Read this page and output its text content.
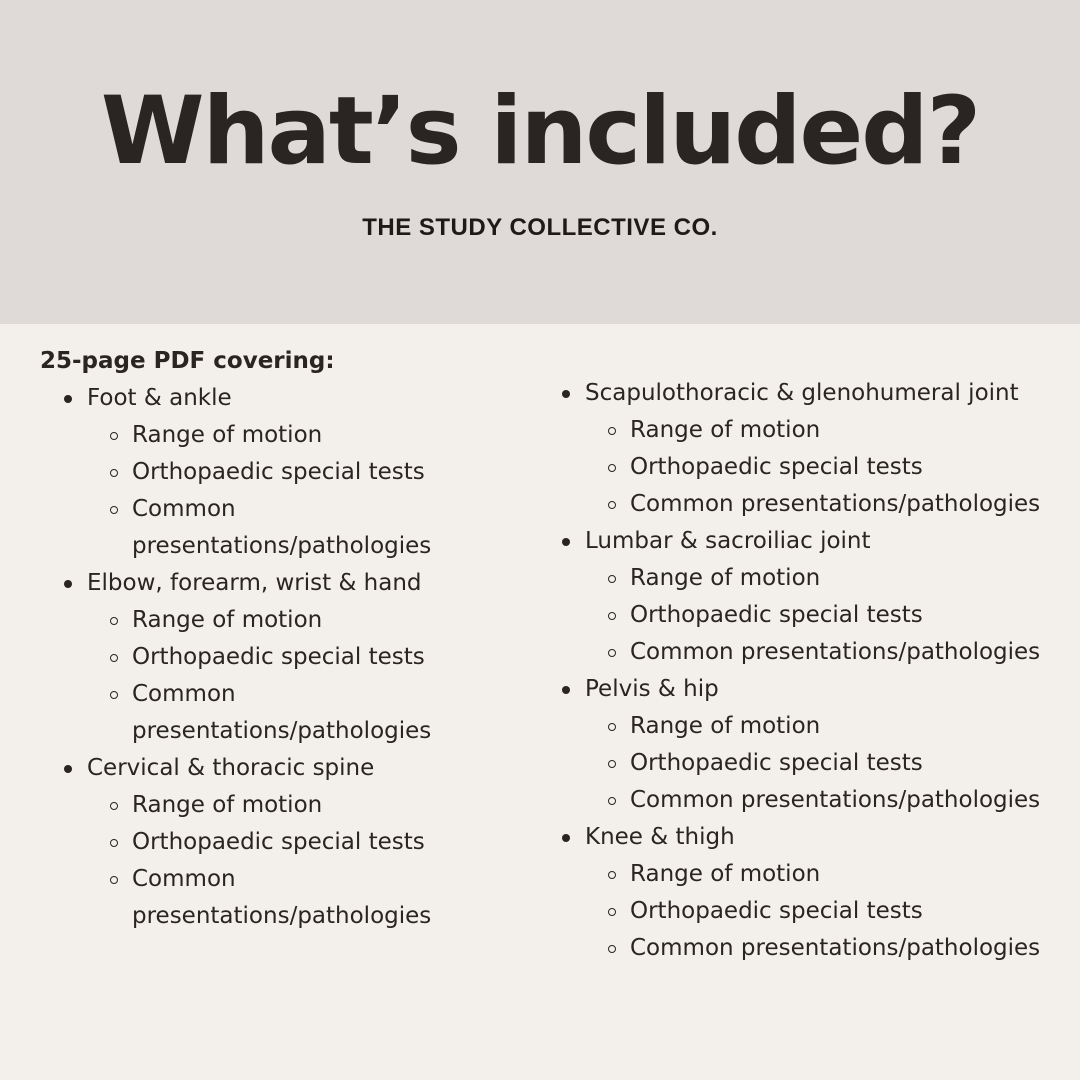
What’s included?
THE STUDY COLLECTIVE CO.

25-page PDF covering:

Foot & ankle
Range of motion
Orthopaedic special tests
Common presentations/pathologies
Elbow, forearm, wrist & hand
Range of motion
Orthopaedic special tests
Common presentations/pathologies
Cervical & thoracic spine
Range of motion
Orthopaedic special tests
Common presentations/pathologies
Scapulothoracic & glenohumeral joint
Range of motion
Orthopaedic special tests
Common presentations/pathologies
Lumbar & sacroiliac joint
Range of motion
Orthopaedic special tests
Common presentations/pathologies
Pelvis & hip
Range of motion
Orthopaedic special tests
Common presentations/pathologies
Knee & thigh
Range of motion
Orthopaedic special tests
Common presentations/pathologies
